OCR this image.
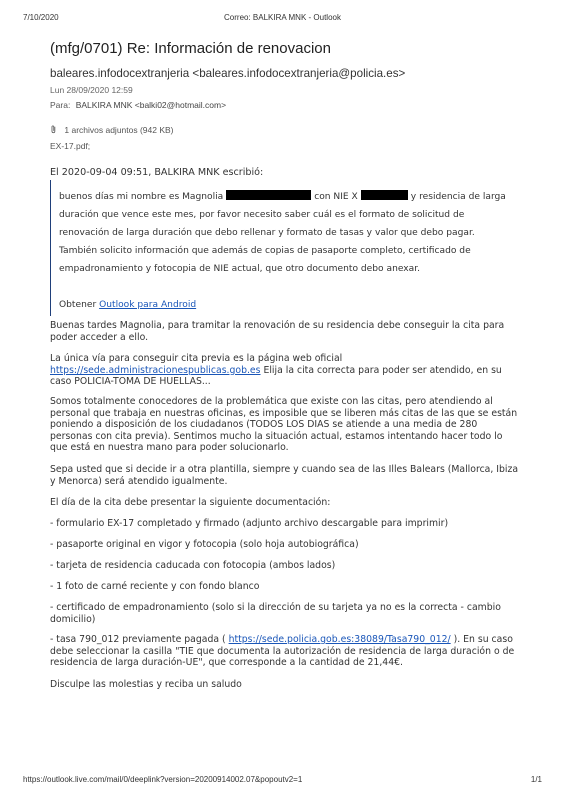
7/10/2020	Correo: BALKIRA MNK - Outlook
(mfg/0701) Re: Información de renovacion
baleares.infodocextranjeria <baleares.infodocextranjeria@policia.es>
Lun 28/09/2020 12:59
Para: BALKIRA MNK <balki02@hotmail.com>
1 archivos adjuntos (942 KB)
EX-17.pdf;
El 2020-09-04 09:51, BALKIRA MNK escribió:
buenos días mi nombre es Magnolia	con NIE X	y residencia de larga
duración que vence este mes, por favor necesito saber cuál es el formato de solicitud de
renovación de larga duración que debo rellenar y formato de tasas y valor que debo pagar.
También solicito información que además de copias de pasaporte completo, certificado de
empadronamiento y fotocopia de NIE actual, que otro documento debo anexar.
Obtener Outlook para Android

Buenas tardes Magnolia, para tramitar la renovación de su residencia debe conseguir la cita para poder acceder a ello.

La única vía para conseguir cita previa es la página web oficial https://sede.administracionespublicas.gob.es Elija la cita correcta para poder ser atendido, en su caso POLICIA-TOMA DE HUELLAS...

Somos totalmente conocedores de la problemática que existe con las citas, pero atendiendo al personal que trabaja en nuestras oficinas, es imposible que se liberen más citas de las que se están poniendo a disposición de los ciudadanos (TODOS LOS DIAS se atiende a una media de 280 personas con cita previa). Sentimos mucho la situación actual, estamos intentando hacer todo lo que está en nuestra mano para poder solucionarlo.

Sepa usted que si decide ir a otra plantilla, siempre y cuando sea de las Illes Balears (Mallorca, Ibiza y Menorca) será atendido igualmente.

El día de la cita debe presentar la siguiente documentación:

- formulario EX-17 completado y firmado (adjunto archivo descargable para imprimir)

- pasaporte original en vigor y fotocopia (solo hoja autobiográfica)

- tarjeta de residencia caducada con fotocopia (ambos lados)

- 1 foto de carné reciente y con fondo blanco

- certificado de empadronamiento (solo si la dirección de su tarjeta ya no es la correcta - cambio domicilio)

- tasa 790_012 previamente pagada ( https://sede.policia.gob.es:38089/Tasa790_012/ ). En su caso debe seleccionar la casilla "TIE que documenta la autorización de residencia de larga duración o de residencia de larga duración-UE", que corresponde a la cantidad de 21,44€.

Disculpe las molestias y reciba un saludo

https://outlook.live.com/mail/0/deeplink?version=20200914002.07&popoutv2=1	1/1
